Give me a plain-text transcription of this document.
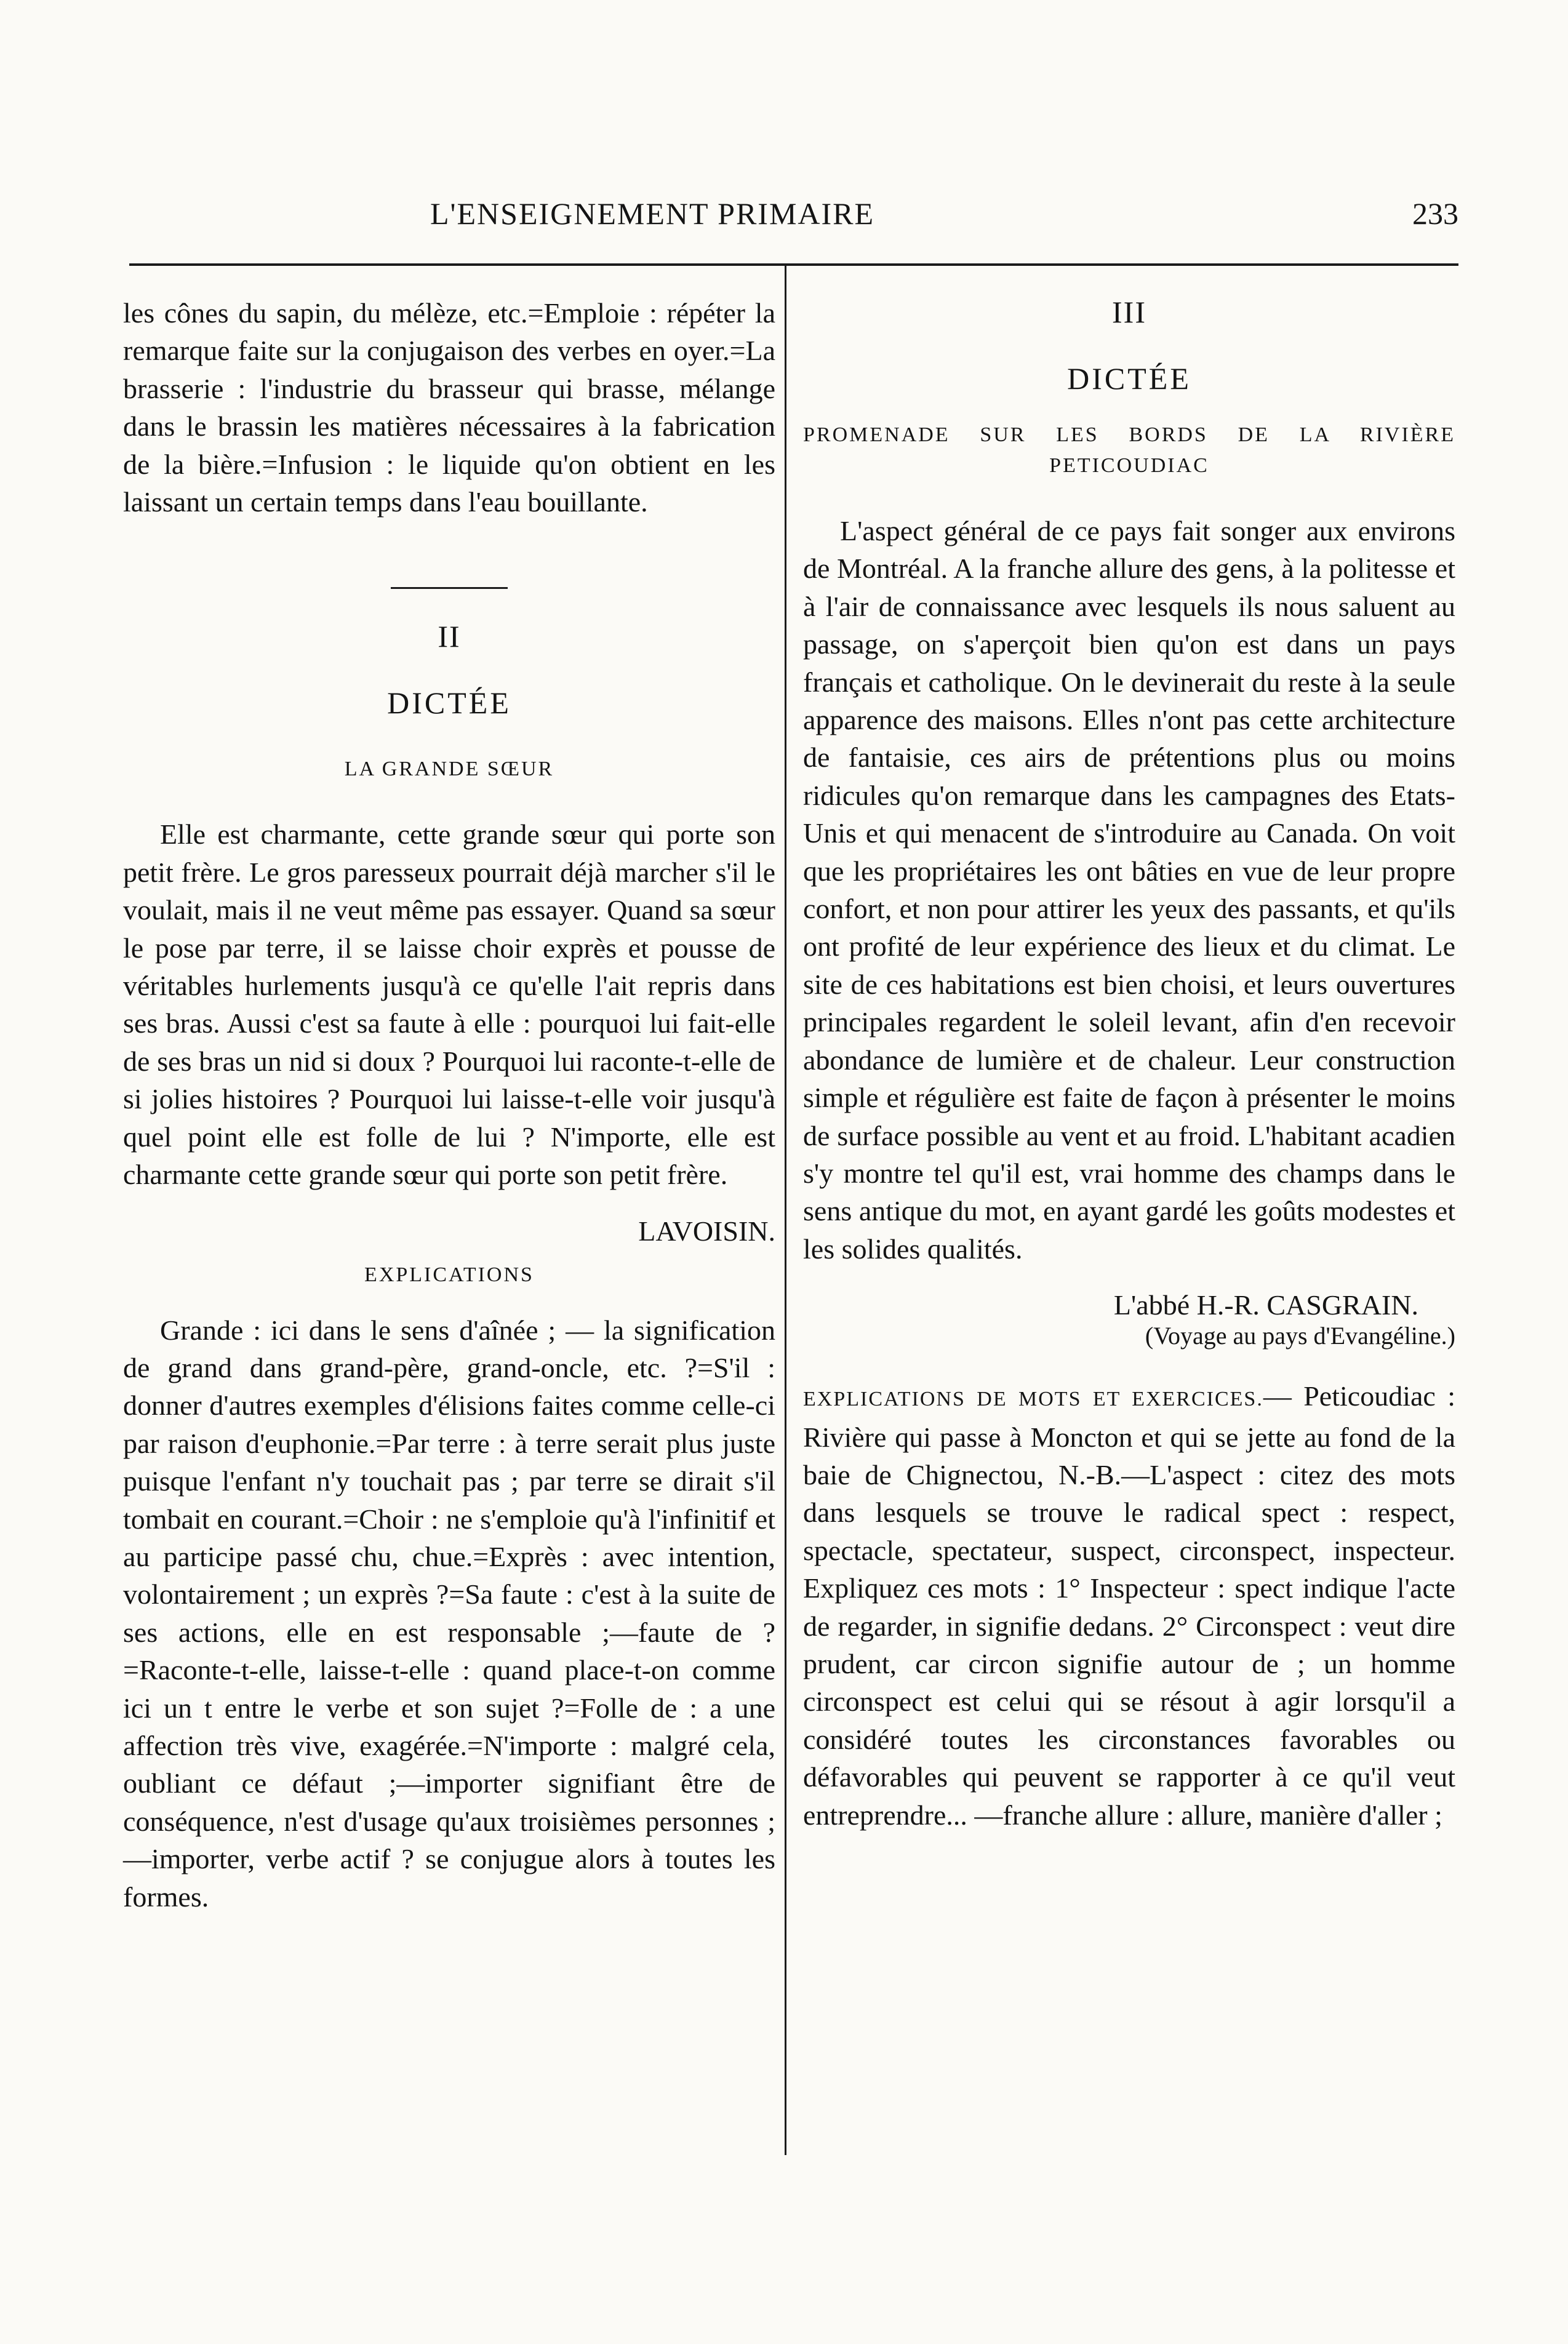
L'ENSEIGNEMENT PRIMAIRE	233

les cônes du sapin, du mélèze, etc.=Emploie : répéter la remarque faite sur la conjugaison des verbes en oyer.=La brasserie : l'industrie du brasseur qui brasse, mélange dans le brassin les matières nécessaires à la fabrication de la bière.=Infusion : le liquide qu'on obtient en les laissant un certain temps dans l'eau bouillante.

II

DICTÉE

LA GRANDE SŒUR

Elle est charmante, cette grande sœur qui porte son petit frère. Le gros paresseux pourrait déjà marcher s'il le voulait, mais il ne veut même pas essayer. Quand sa sœur le pose par terre, il se laisse choir exprès et pousse de véritables hurlements jusqu'à ce qu'elle l'ait repris dans ses bras. Aussi c'est sa faute à elle : pourquoi lui fait-elle de ses bras un nid si doux ? Pourquoi lui raconte-t-elle de si jolies histoires ? Pourquoi lui laisse-t-elle voir jusqu'à quel point elle est folle de lui ? N'importe, elle est charmante cette grande sœur qui porte son petit frère.

LAVOISIN.

EXPLICATIONS

Grande : ici dans le sens d'aînée ; — la signification de grand dans grand-père, grand-oncle, etc. ?=S'il : donner d'autres exemples d'élisions faites comme celle-ci par raison d'euphonie.=Par terre : à terre serait plus juste puisque l'enfant n'y touchait pas ; par terre se dirait s'il tombait en courant.=Choir : ne s'emploie qu'à l'infinitif et au participe passé chu, chue.=Exprès : avec intention, volontairement ; un exprès ?=Sa faute : c'est à la suite de ses actions, elle en est responsable ;—faute de ?=Raconte-t-elle, laisse-t-elle : quand place-t-on comme ici un t entre le verbe et son sujet ?=Folle de : a une affection très vive, exagérée.=N'importe : malgré cela, oubliant ce défaut ;—importer signifiant être de conséquence, n'est d'usage qu'aux troisièmes personnes ;—importer, verbe actif ? se conjugue alors à toutes les formes.

III

DICTÉE

PROMENADE SUR LES BORDS DE LA RIVIÈRE

PETICOUDIAC

L'aspect général de ce pays fait songer aux environs de Montréal. A la franche allure des gens, à la politesse et à l'air de connaissance avec lesquels ils nous saluent au passage, on s'aperçoit bien qu'on est dans un pays français et catholique. On le devinerait du reste à la seule apparence des maisons. Elles n'ont pas cette architecture de fantaisie, ces airs de prétentions plus ou moins ridicules qu'on remarque dans les campagnes des Etats-Unis et qui menacent de s'introduire au Canada. On voit que les propriétaires les ont bâties en vue de leur propre confort, et non pour attirer les yeux des passants, et qu'ils ont profité de leur expérience des lieux et du climat. Le site de ces habitations est bien choisi, et leurs ouvertures principales regardent le soleil levant, afin d'en recevoir abondance de lumière et de chaleur. Leur construction simple et régulière est faite de façon à présenter le moins de surface possible au vent et au froid. L'habitant acadien s'y montre tel qu'il est, vrai homme des champs dans le sens antique du mot, en ayant gardé les goûts modestes et les solides qualités.

L'abbé H.-R. CASGRAIN.

(Voyage au pays d'Evangéline.)

EXPLICATIONS DE MOTS ET EXERCICES.— Peticoudiac : Rivière qui passe à Moncton et qui se jette au fond de la baie de Chignectou, N.-B.—L'aspect : citez des mots dans lesquels se trouve le radical spect : respect, spectacle, spectateur, suspect, circonspect, inspecteur. Expliquez ces mots : 1° Inspecteur : spect indique l'acte de regarder, in signifie dedans. 2° Circonspect : veut dire prudent, car circon signifie autour de ; un homme circonspect est celui qui se résout à agir lorsqu'il a considéré toutes les circonstances favorables ou défavorables qui peuvent se rapporter à ce qu'il veut entreprendre... —franche allure : allure, manière d'aller ;
